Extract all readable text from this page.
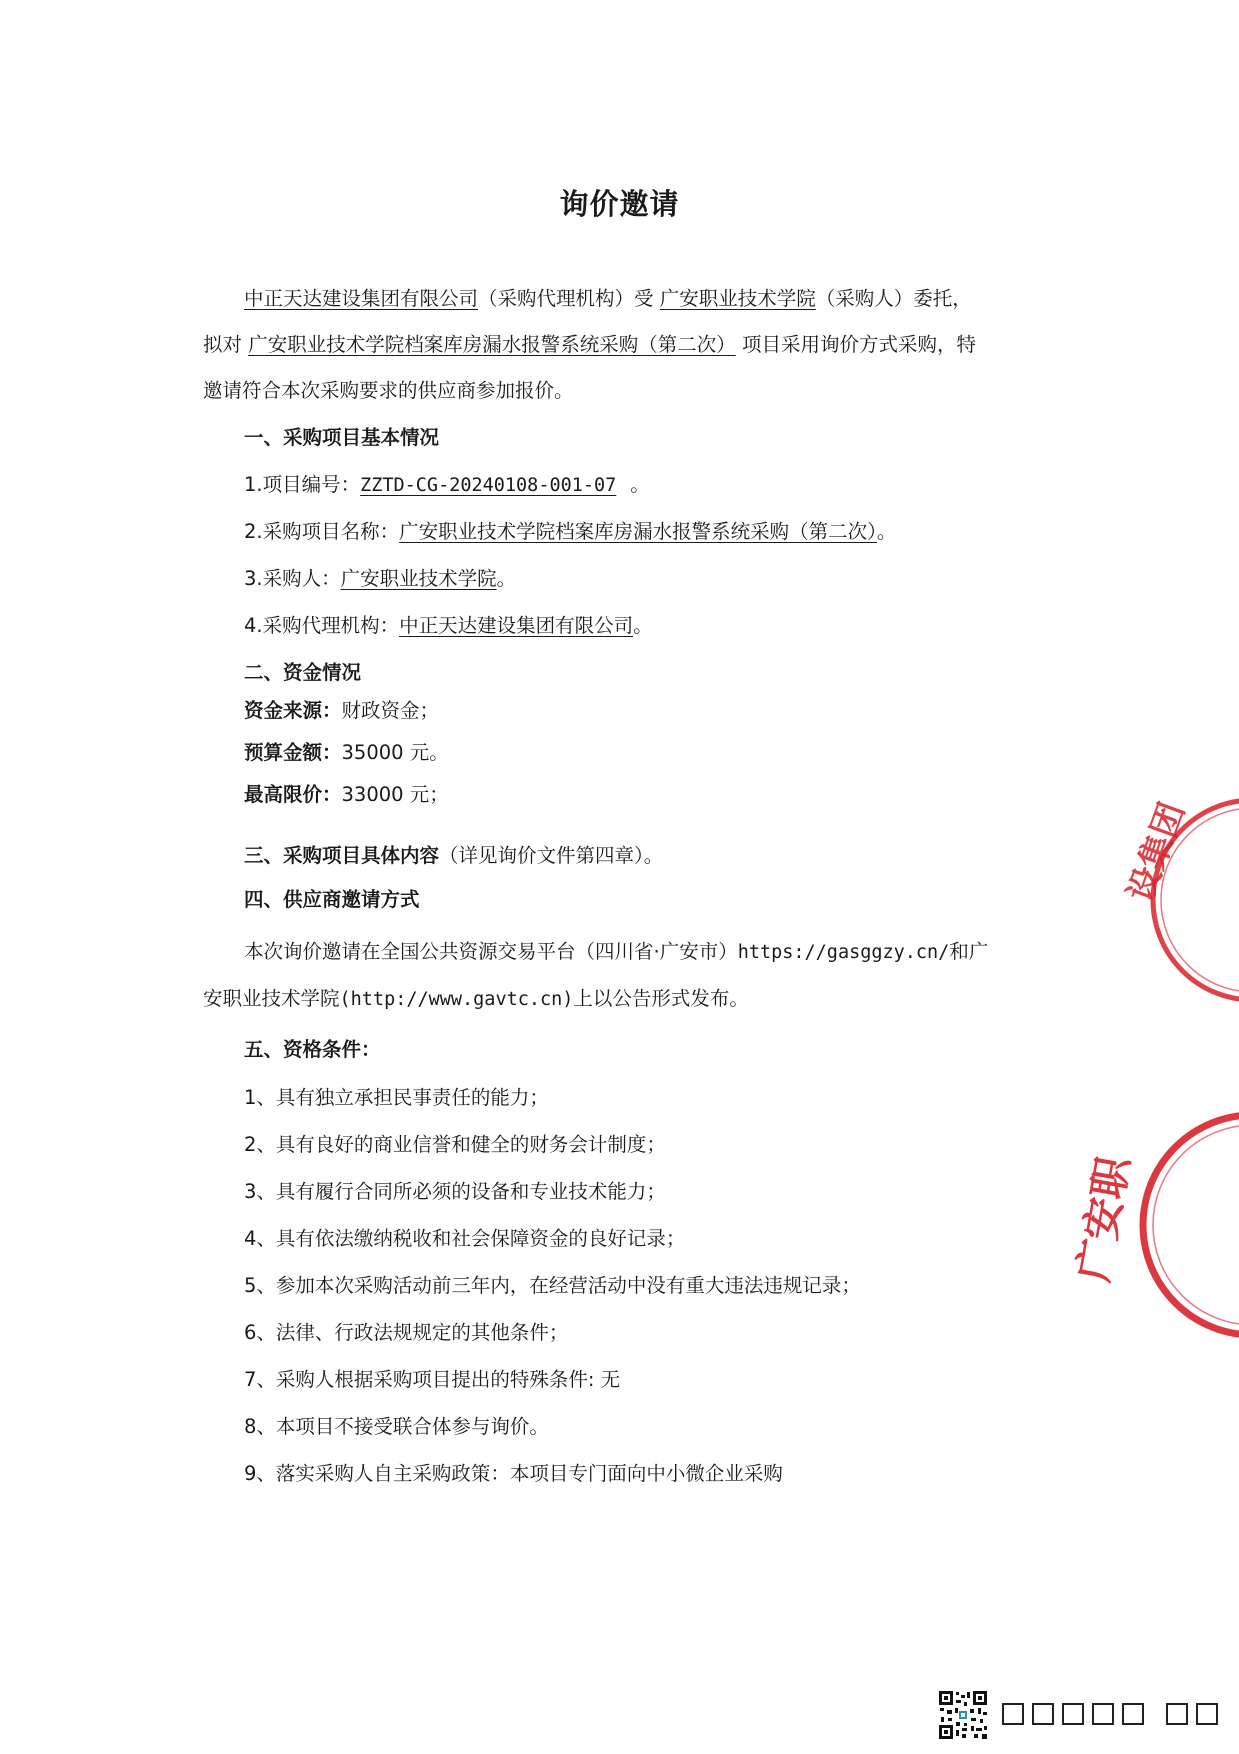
询价邀请
中正天达建设集团有限公司（采购代理机构）受 广安职业技术学院（采购人）委托，
拟对 广安职业技术学院档案库房漏水报警系统采购（第二次） 项目采用询价方式采购，特
邀请符合本次采购要求的供应商参加报价。
一、采购项目基本情况
1.项目编号：ZZTD-CG-20240108-001-07 。
2.采购项目名称：广安职业技术学院档案库房漏水报警系统采购（第二次）。
3.采购人：广安职业技术学院。
4.采购代理机构：中正天达建设集团有限公司。
二、资金情况
资金来源：财政资金；
预算金额：35000 元。
最高限价：33000 元；
三、采购项目具体内容（详见询价文件第四章）。
四、供应商邀请方式
本次询价邀请在全国公共资源交易平台（四川省·广安市）https://gasggzy.cn/和广
安职业技术学院(http://www.gavtc.cn)上以公告形式发布。
五、资格条件：
1、具有独立承担民事责任的能力；
2、具有良好的商业信誉和健全的财务会计制度；
3、具有履行合同所必须的设备和专业技术能力；
4、具有依法缴纳税收和社会保障资金的良好记录；
5、参加本次采购活动前三年内，在经营活动中没有重大违法违规记录；
6、法律、行政法规规定的其他条件；
7、采购人根据采购项目提出的特殊条件: 无
8、本项目不接受联合体参与询价。
9、落实采购人自主采购政策：本项目专门面向中小微企业采购
设集团
广安职
